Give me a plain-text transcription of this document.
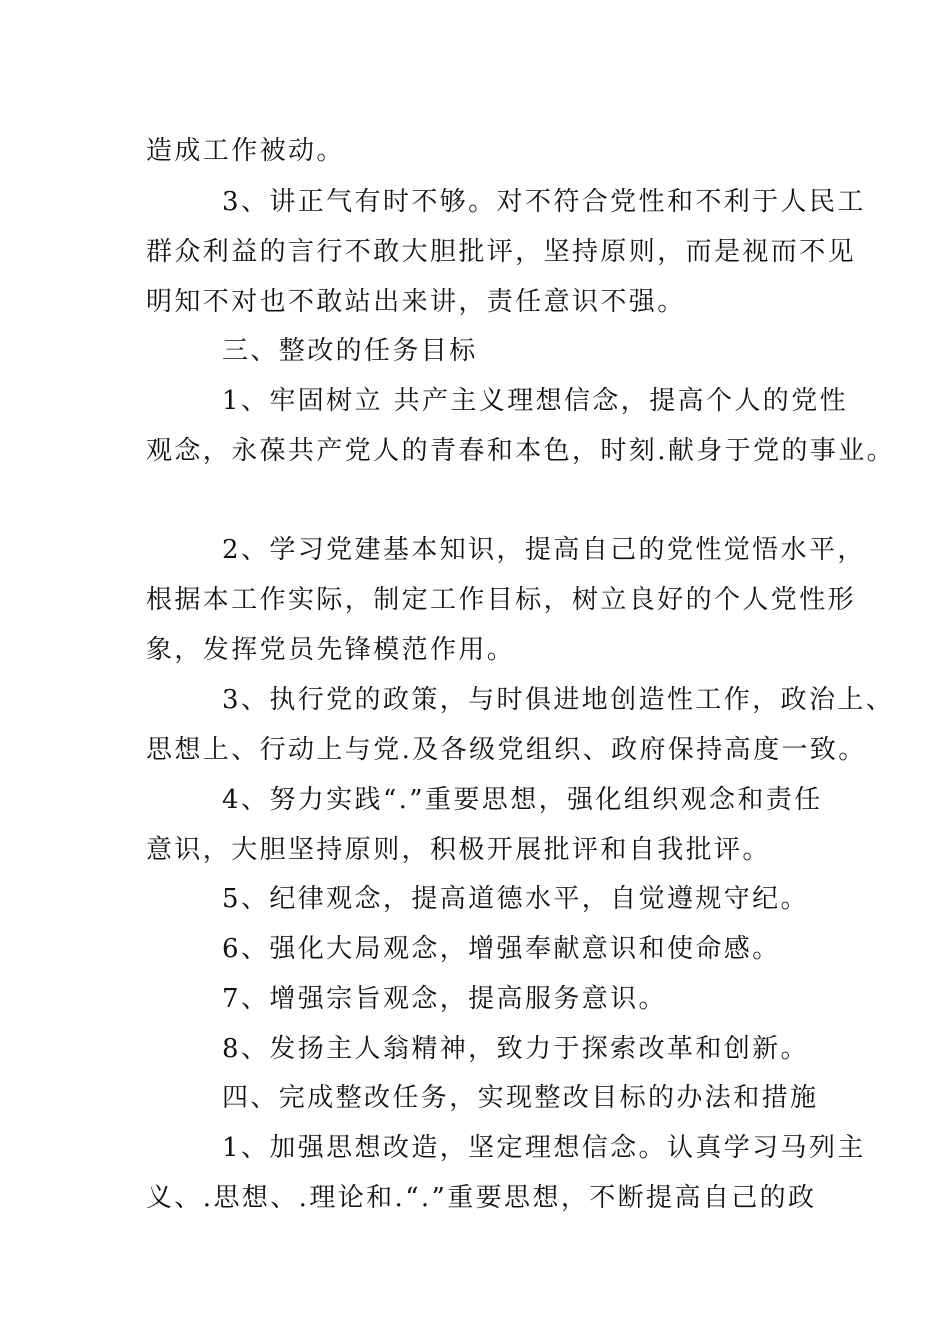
造成工作被动。
3、讲正气有时不够。对不符合党性和不利于人民工
群众利益的言行不敢大胆批评，坚持原则，而是视而不见
明知不对也不敢站出来讲，责任意识不强。
三、整改的任务目标
1、牢固树立 共产主义理想信念，提高个人的党性
观念，永葆共产党人的青春和本色，时刻.献身于党的事业。
2、学习党建基本知识，提高自己的党性觉悟水平，
根据本工作实际，制定工作目标，树立良好的个人党性形
象，发挥党员先锋模范作用。
3、执行党的政策，与时俱进地创造性工作，政治上、
思想上、行动上与党.及各级党组织、政府保持高度一致。
4、努力实践“.”重要思想，强化组织观念和责任
意识，大胆坚持原则，积极开展批评和自我批评。
5、纪律观念，提高道德水平，自觉遵规守纪。
6、强化大局观念，增强奉献意识和使命感。
7、增强宗旨观念，提高服务意识。
8、发扬主人翁精神，致力于探索改革和创新。
四、完成整改任务，实现整改目标的办法和措施
1、加强思想改造，坚定理想信念。认真学习马列主
义、.思想、.理论和.“.”重要思想，不断提高自己的政
